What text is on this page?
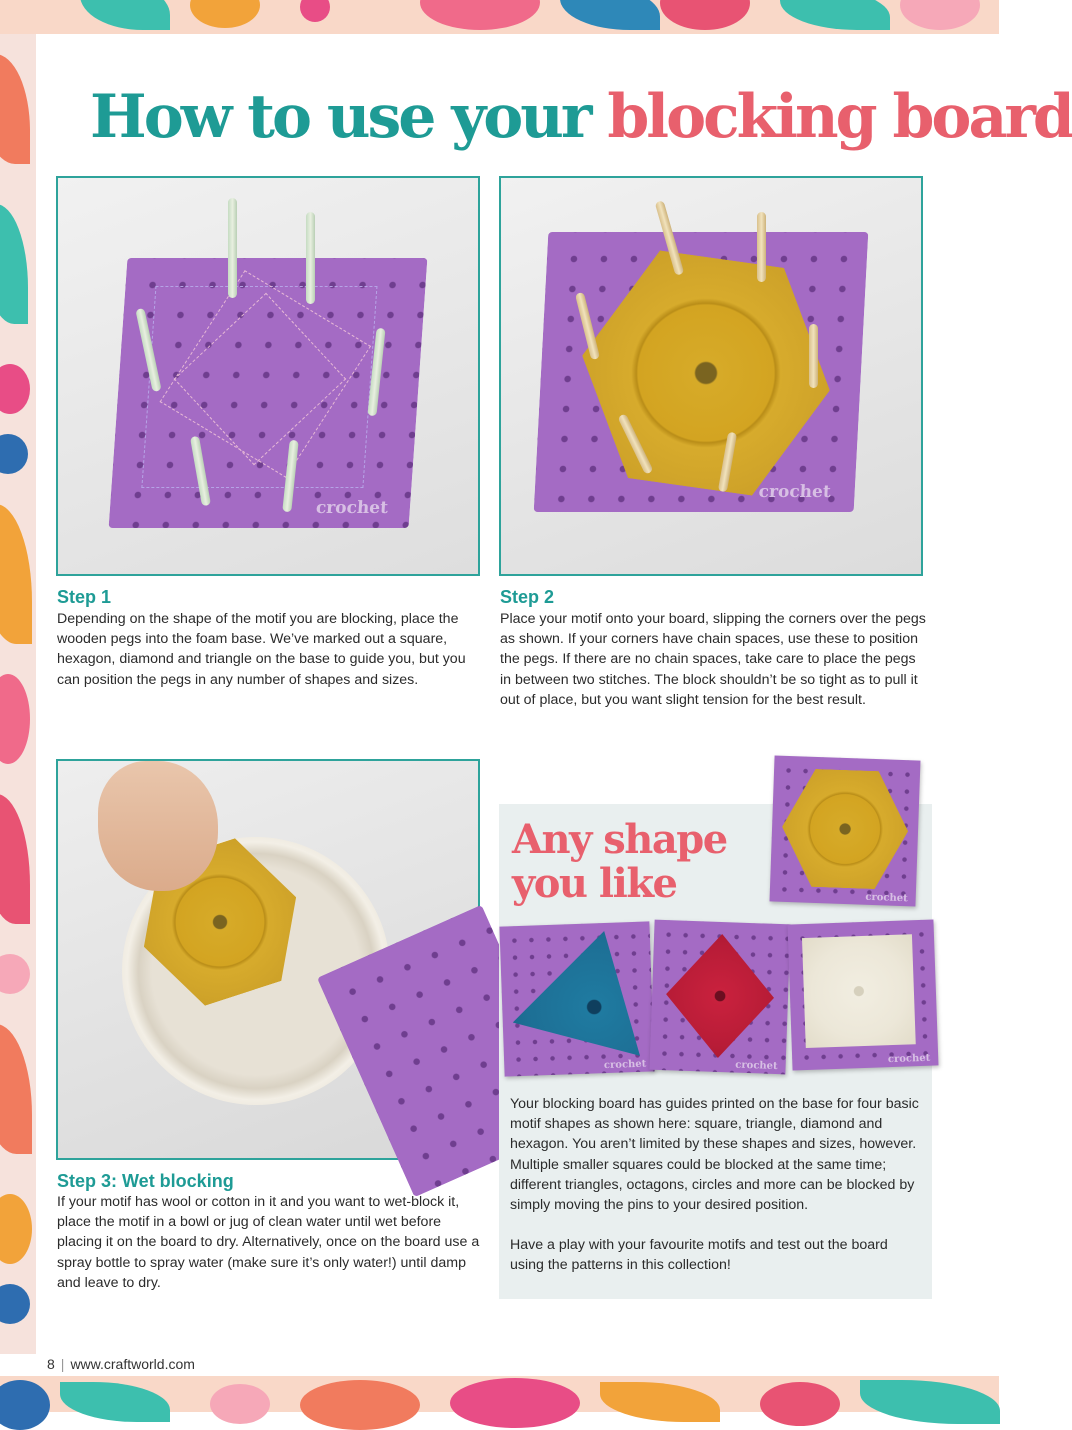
How to use your blocking board
crochet
crochet
Step 1
Depending on the shape of the motif you are blocking, place the wooden pegs into the foam base. We’ve marked out a square, hexagon, diamond and triangle on the base to guide you, but you can position the pegs in any number of shapes and sizes.
Step 2
Place your motif onto your board, slipping the corners over the pegs as shown. If your corners have chain spaces, use these to position the pegs. If there are no chain spaces, take care to place the pegs in between two stitches. The block shouldn’t be so tight as to pull it out of place, but you want slight tension for the best result.
Step 3: Wet blocking
If your motif has wool or cotton in it and you want to wet-block it, place the motif in a bowl or jug of clean water until wet before placing it on the board to dry. Alternatively, once on the board use a spray bottle to spray water (make sure it’s only water!) until damp and leave to dry.
Any shape
you like	crochet
crochet	crochet
crochet
Your blocking board has guides printed on the base for four basic motif shapes as shown here: square, triangle, diamond and hexagon. You aren’t limited by these shapes and sizes, however. Multiple smaller squares could be blocked at the same time; different triangles, octagons, circles and more can be blocked by simply moving the pins to your desired position.
Have a play with your favourite motifs and test out the board using the patterns in this collection!
8 | www.craftworld.com
